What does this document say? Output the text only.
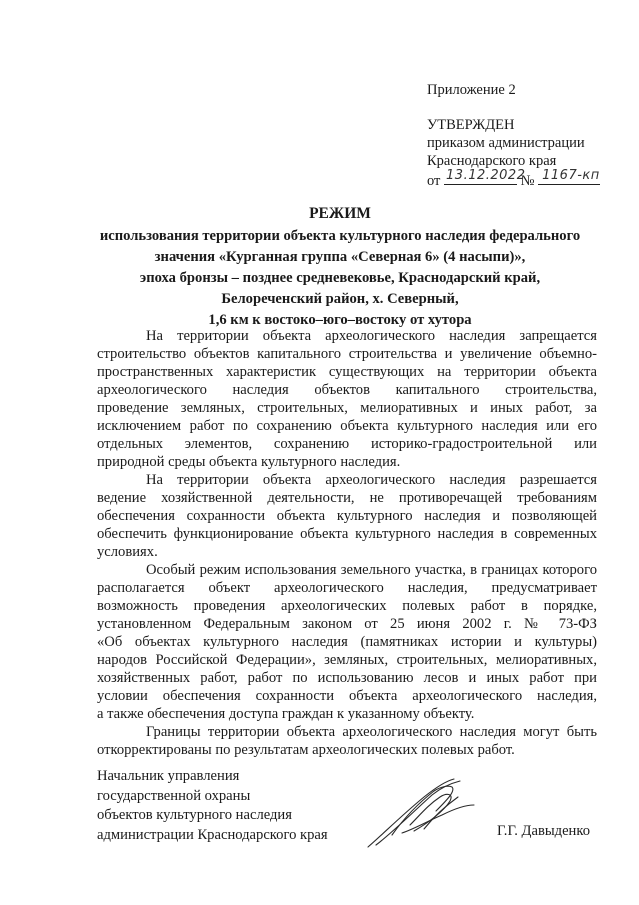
Приложение 2
УТВЕРЖДЕН
приказом администрации
Краснодарского края
от 13.12.2022
№ 1167-кп
РЕЖИМ
использования территории объекта культурного наследия федерального
значения «Курганная группа «Северная 6» (4 насыпи)»,
эпоха бронзы – позднее средневековье, Краснодарский край,
Белореченский район, х. Северный,
1,6 км к востоко–юго–востоку от хутора
На территории объекта археологического наследия запрещается
строительство объектов капитального строительства и увеличение объемно-
пространственных характеристик существующих на территории объекта
археологического наследия объектов капитального строительства,
проведение земляных, строительных, мелиоративных и иных работ, за
исключением работ по сохранению объекта культурного наследия или его
отдельных элементов, сохранению историко-градостроительной или
природной среды объекта культурного наследия.
На территории объекта археологического наследия разрешается
ведение хозяйственной деятельности, не противоречащей требованиям
обеспечения сохранности объекта культурного наследия и позволяющей
обеспечить функционирование объекта культурного наследия в современных
условиях.
Особый режим использования земельного участка, в границах которого
располагается объект археологического наследия, предусматривает
возможность проведения археологических полевых работ в порядке,
установленном Федеральным законом от 25 июня 2002 г. № 73-ФЗ
«Об объектах культурного наследия (памятниках истории и культуры)
народов Российской Федерации», земляных, строительных, мелиоративных,
хозяйственных работ, работ по использованию лесов и иных работ при
условии обеспечения сохранности объекта археологического наследия,
а также обеспечения доступа граждан к указанному объекту.
Границы территории объекта археологического наследия могут быть
откорректированы по результатам археологических полевых работ.
Начальник управления
государственной охраны
объектов культурного наследия
администрации Краснодарского края	Г.Г. Давыденко
